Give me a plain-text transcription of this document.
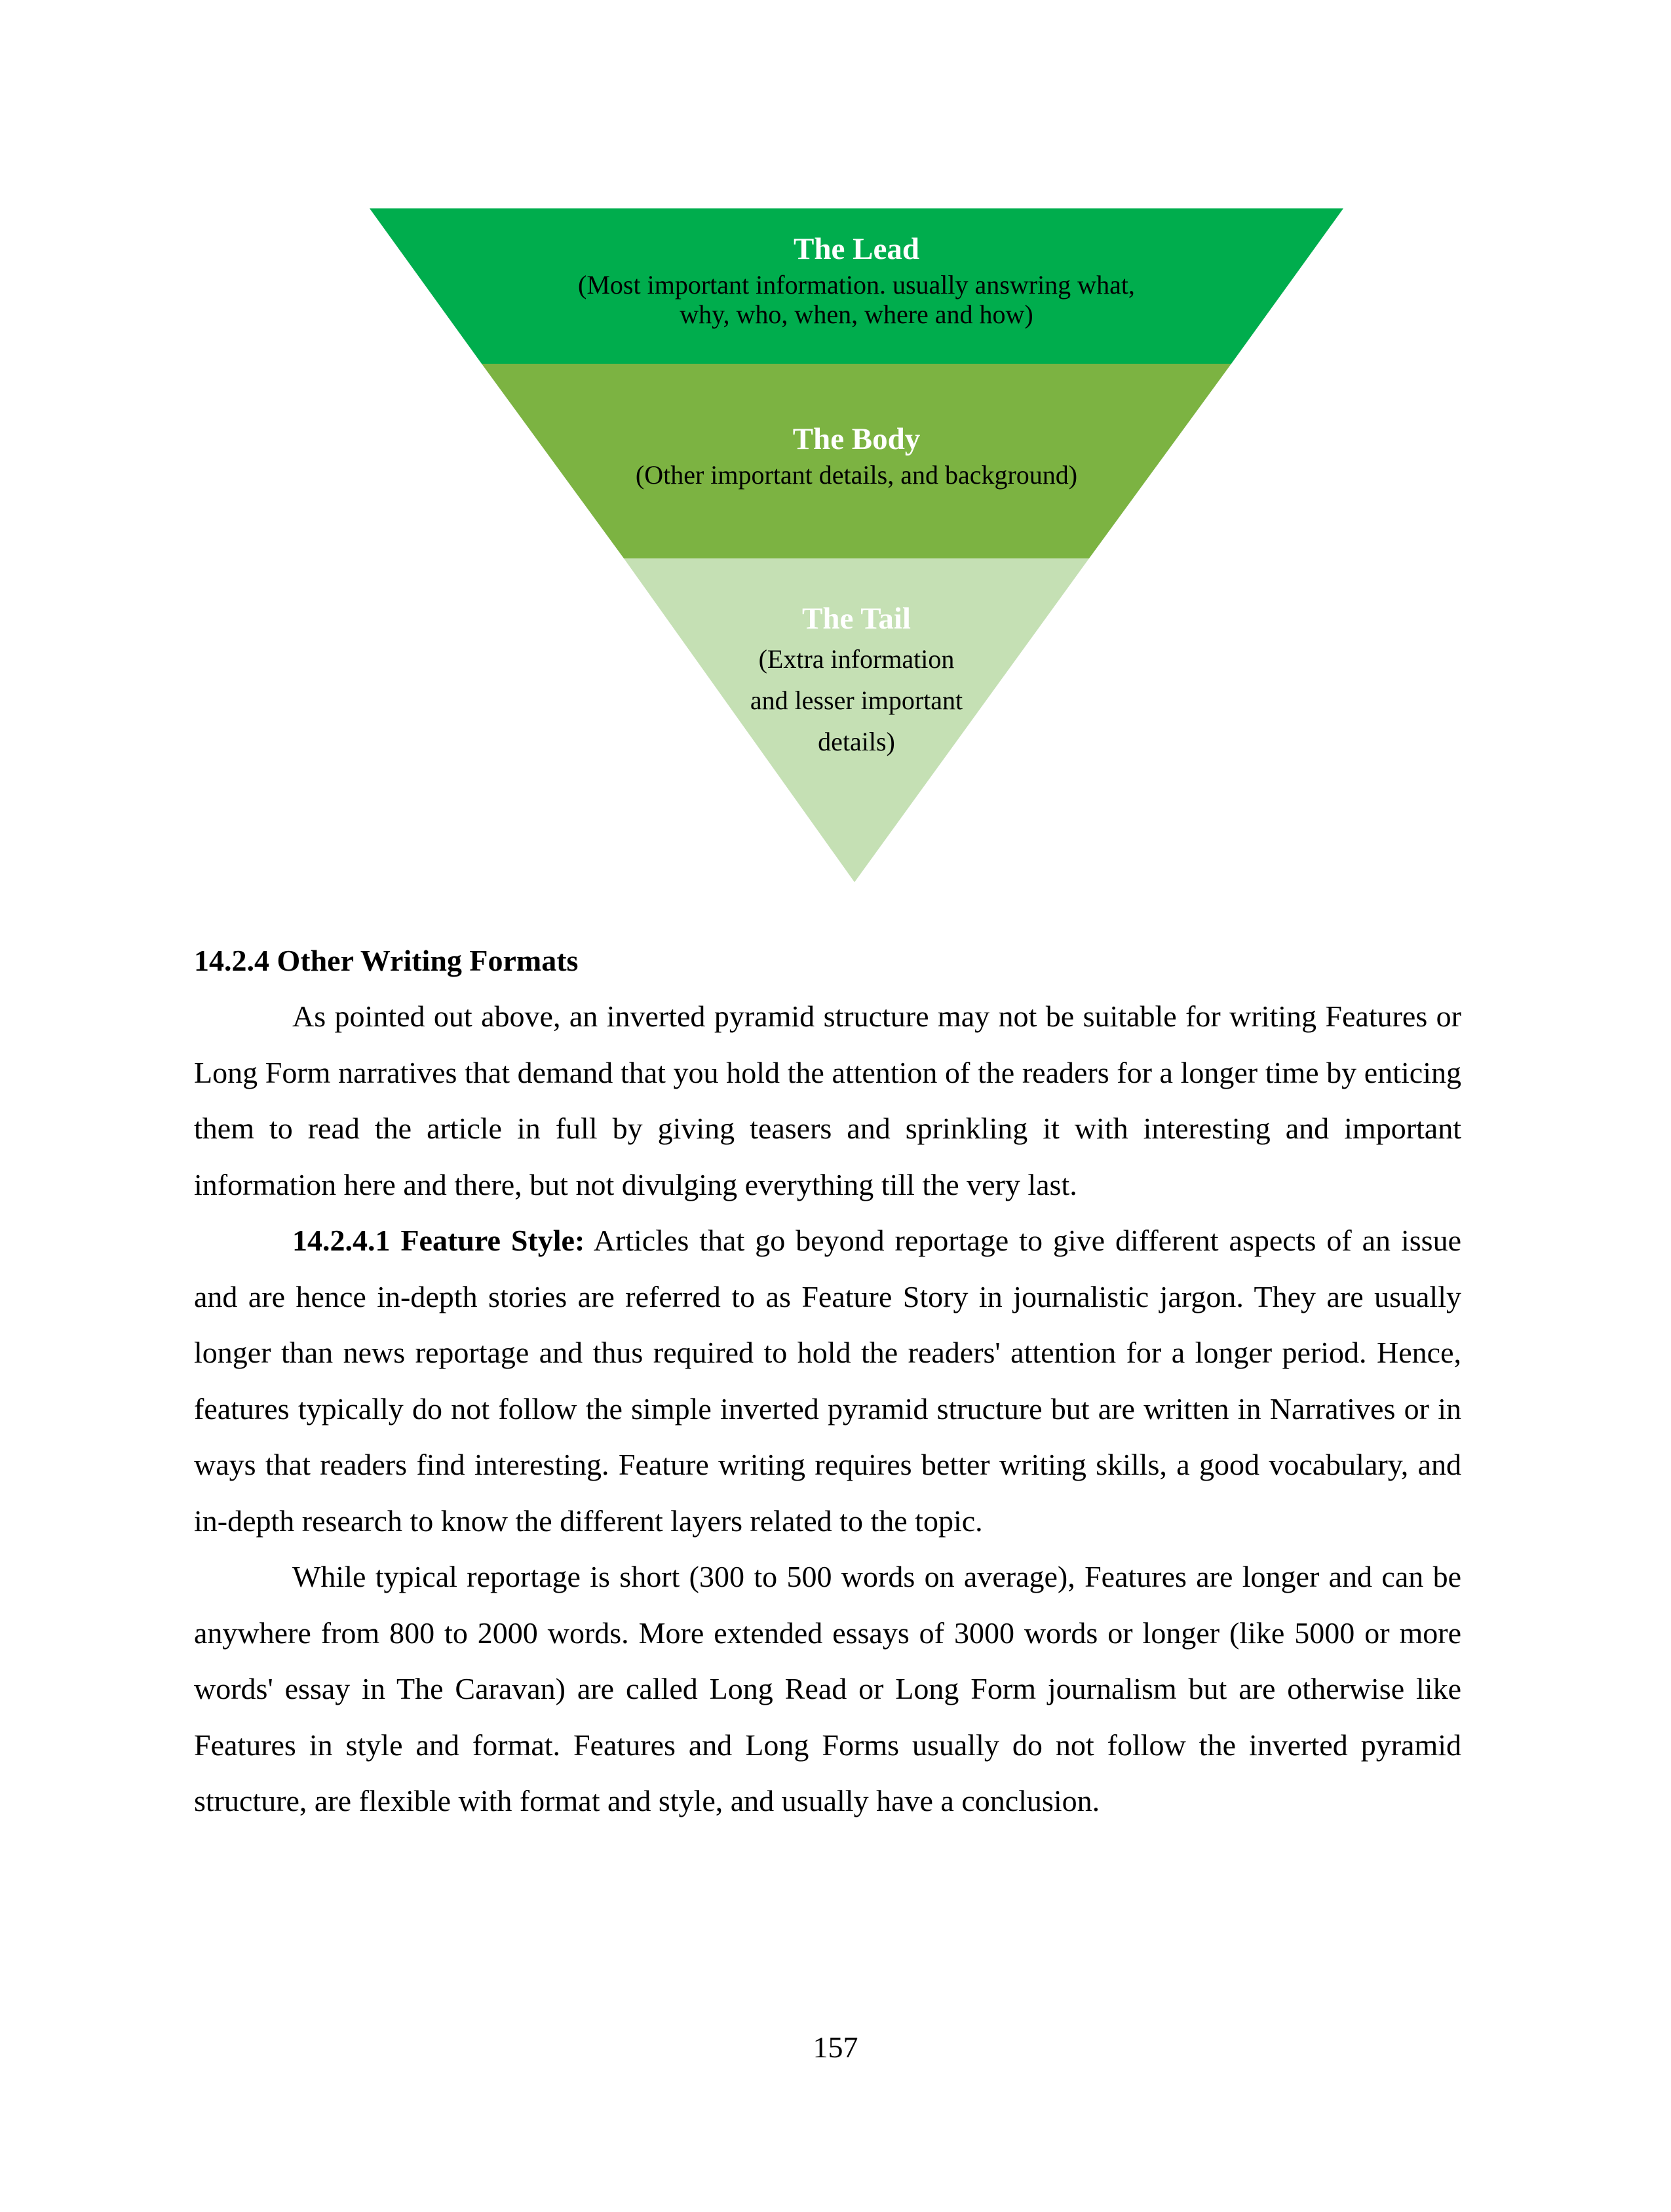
The Lead
(Most important information. usually answring what,
why, who, when, where and how)
The Body
(Other important details, and background)
The Tail
(Extra information
and lesser important
details)
14.2.4 Other Writing Formats

As pointed out above, an inverted pyramid structure may not be suitable for writing Features or Long Form narratives that demand that you hold the attention of the readers for a longer time by enticing them to read the article in full by giving teasers and sprinkling it with interesting and important information here and there, but not divulging everything till the very last.

14.2.4.1 Feature Style: Articles that go beyond reportage to give different aspects of an issue and are hence in-depth stories are referred to as Feature Story in journalistic jargon. They are usually longer than news reportage and thus required to hold the readers' attention for a longer period. Hence, features typically do not follow the simple inverted pyramid structure but are written in Narratives or in ways that readers find interesting. Feature writing requires better writing skills, a good vocabulary, and in-depth research to know the different layers related to the topic.

While typical reportage is short (300 to 500 words on average), Features are longer and can be anywhere from 800 to 2000 words. More extended essays of 3000 words or longer (like 5000 or more words' essay in The Caravan) are called Long Read or Long Form journalism but are otherwise like Features in style and format. Features and Long Forms usually do not follow the inverted pyramid structure, are flexible with format and style, and usually have a conclusion.

157
